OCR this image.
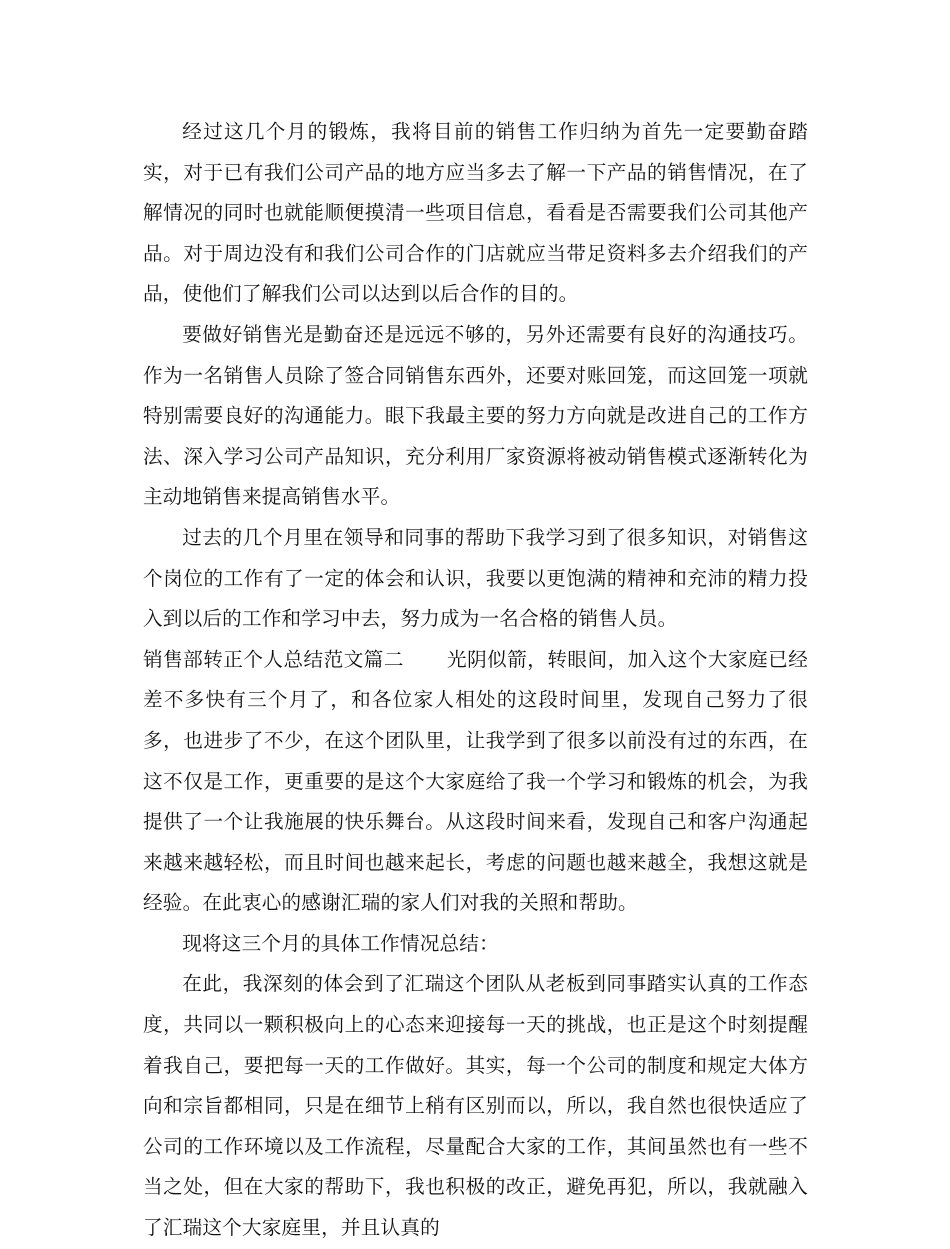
经过这几个月的锻炼，我将目前的销售工作归纳为首先一定要勤奋踏实，对于已有我们公司产品的地方应当多去了解一下产品的销售情况，在了解情况的同时也就能顺便摸清一些项目信息，看看是否需要我们公司其他产品。对于周边没有和我们公司合作的门店就应当带足资料多去介绍我们的产品，使他们了解我们公司以达到以后合作的目的。

要做好销售光是勤奋还是远远不够的，另外还需要有良好的沟通技巧。作为一名销售人员除了签合同销售东西外，还要对账回笼，而这回笼一项就特别需要良好的沟通能力。眼下我最主要的努力方向就是改进自己的工作方法、深入学习公司产品知识，充分利用厂家资源将被动销售模式逐渐转化为主动地销售来提高销售水平。

过去的几个月里在领导和同事的帮助下我学习到了很多知识，对销售这个岗位的工作有了一定的体会和认识，我要以更饱满的精神和充沛的精力投入到以后的工作和学习中去，努力成为一名合格的销售人员。

销售部转正个人总结范文篇二 光阴似箭，转眼间，加入这个大家庭已经差不多快有三个月了，和各位家人相处的这段时间里，发现自己努力了很多，也进步了不少，在这个团队里，让我学到了很多以前没有过的东西，在这不仅是工作，更重要的是这个大家庭给了我一个学习和锻炼的机会，为我提供了一个让我施展的快乐舞台。从这段时间来看，发现自己和客户沟通起来越来越轻松，而且时间也越来起长，考虑的问题也越来越全，我想这就是经验。在此衷心的感谢汇瑞的家人们对我的关照和帮助。

现将这三个月的具体工作情况总结：

在此，我深刻的体会到了汇瑞这个团队从老板到同事踏实认真的工作态度，共同以一颗积极向上的心态来迎接每一天的挑战，也正是这个时刻提醒着我自己，要把每一天的工作做好。其实，每一个公司的制度和规定大体方向和宗旨都相同，只是在细节上稍有区别而以，所以，我自然也很快适应了公司的工作环境以及工作流程，尽量配合大家的工作，其间虽然也有一些不当之处，但在大家的帮助下，我也积极的改正，避免再犯，所以，我就融入了汇瑞这个大家庭里，并且认真的
